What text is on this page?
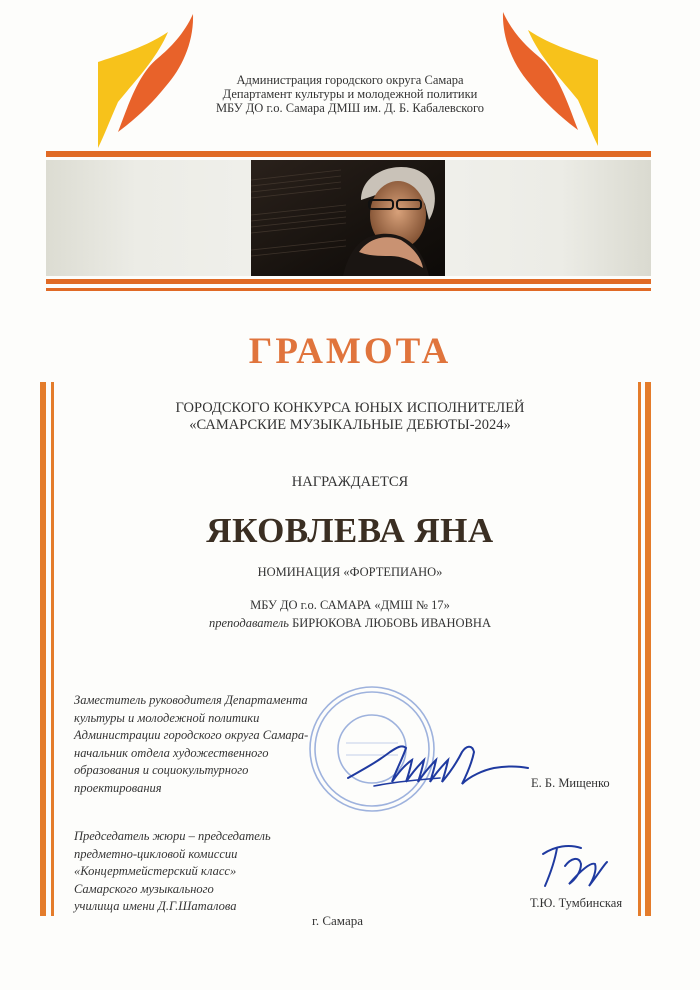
Администрация городского округа Самара
Департамент культуры и молодежной политики
МБУ ДО г.о. Самара ДМШ им. Д. Б. Кабалевского
ГРАМОТА
ГОРОДСКОГО КОНКУРСА ЮНЫХ ИСПОЛНИТЕЛЕЙ
«САМАРСКИЕ МУЗЫКАЛЬНЫЕ ДЕБЮТЫ-2024»
НАГРАЖДАЕТСЯ
ЯКОВЛЕВА ЯНА
НОМИНАЦИЯ «ФОРТЕПИАНО»
МБУ ДО г.о. САМАРА «ДМШ № 17»
преподаватель БИРЮКОВА ЛЮБОВЬ ИВАНОВНА
Заместитель руководителя Департамента
культуры и молодежной политики
Администрации городского округа Самара-
начальник отдела художественного
образования и социокультурного
проектирования	Е. Б. Мищенко
Председатель жюри – председатель
предметно-цикловой комиссии
«Концертмейстерский класс»
Самарского музыкального
училища имени Д.Г.Шаталова	Т.Ю. Тумбинская
г. Самара
